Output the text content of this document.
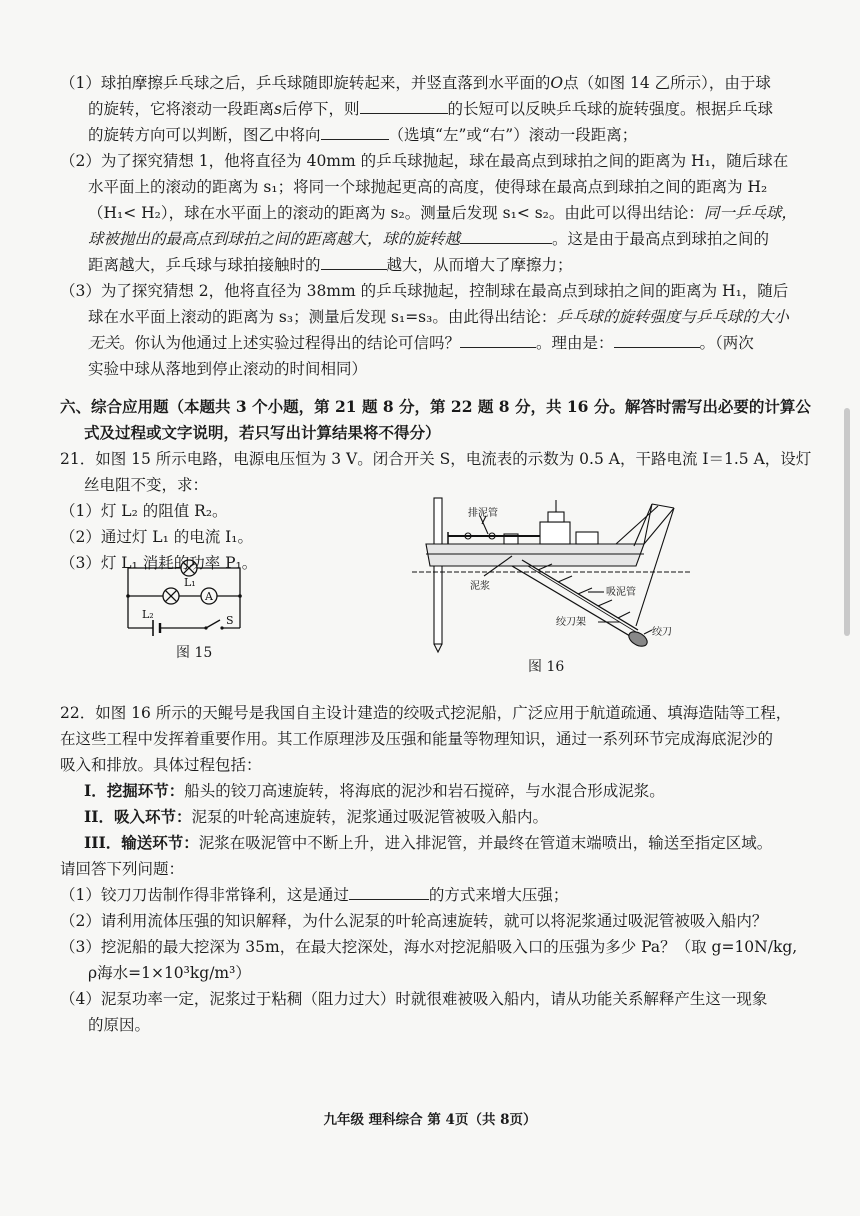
（1）球拍摩擦乒乓球之后，乒乓球随即旋转起来，并竖直落到水平面的O点（如图 14 乙所示），由于球
的旋转，它将滚动一段距离s后停下，则	的长短可以反映乒乓球的旋转强度。根据乒乓球
的旋转方向可以判断，图乙中将向	（选填“左”或“右”）滚动一段距离；
（2）为了探究猜想 1，他将直径为 40mm 的乒乓球抛起，球在最高点到球拍之间的距离为 H₁，随后球在
水平面上的滚动的距离为 s₁；将同一个球抛起更高的高度，使得球在最高点到球拍之间的距离为 H₂
（H₁< H₂），球在水平面上的滚动的距离为 s₂。测量后发现 s₁< s₂。由此可以得出结论：同一乒乓球，
球被抛出的最高点到球拍之间的距离越大，球的旋转越	。这是由于最高点到球拍之间的
距离越大，乒乓球与球拍接触时的	越大，从而增大了摩擦力；
（3）为了探究猜想 2，他将直径为 38mm 的乒乓球抛起，控制球在最高点到球拍之间的距离为 H₁，随后
球在水平面上滚动的距离为 s₃；测量后发现 s₁=s₃。由此得出结论：乒乓球的旋转强度与乒乓球的大小
无关。你认为他通过上述实验过程得出的结论可信吗？	。理由是：	。（两次
实验中球从落地到停止滚动的时间相同）
六、综合应用题（本题共 3 个小题，第 21 题 8 分，第 22 题 8 分，共 16 分。解答时需写出必要的计算公
式及过程或文字说明，若只写出计算结果将不得分）
21．如图 15 所示电路，电源电压恒为 3 V。闭合开关 S，电流表的示数为 0.5 A，干路电流 I＝1.5 A，设灯
丝电阻不变，求：
（1）灯 L₂ 的阻值 R₂。
（2）通过灯 L₁ 的电流 I₁。
（3）灯 L₁ 消耗的功率 P₁。
L₁
L₂
A
S
图 15
排泥管
泥浆
吸泥管
绞刀架
绞刀
图 16
22．如图 16 所示的天鲲号是我国自主设计建造的绞吸式挖泥船，广泛应用于航道疏通、填海造陆等工程，
在这些工程中发挥着重要作用。其工作原理涉及压强和能量等物理知识，通过一系列环节完成海底泥沙的
吸入和排放。具体过程包括：
I．挖掘环节：船头的铰刀高速旋转，将海底的泥沙和岩石搅碎，与水混合形成泥浆。
II．吸入环节：泥泵的叶轮高速旋转，泥浆通过吸泥管被吸入船内。
III．输送环节：泥浆在吸泥管中不断上升，进入排泥管，并最终在管道末端喷出，输送至指定区域。
请回答下列问题：
（1）铰刀刀齿制作得非常锋利，这是通过	的方式来增大压强；
（2）请利用流体压强的知识解释，为什么泥泵的叶轮高速旋转，就可以将泥浆通过吸泥管被吸入船内？
（3）挖泥船的最大挖深为 35m，在最大挖深处，海水对挖泥船吸入口的压强为多少 Pa？（取 g=10N/kg,
ρ海水=1×10³kg/m³）
（4）泥泵功率一定，泥浆过于粘稠（阻力过大）时就很难被吸入船内，请从功能关系解释产生这一现象
的原因。
九年级 理科综合 第 4页（共 8页）
